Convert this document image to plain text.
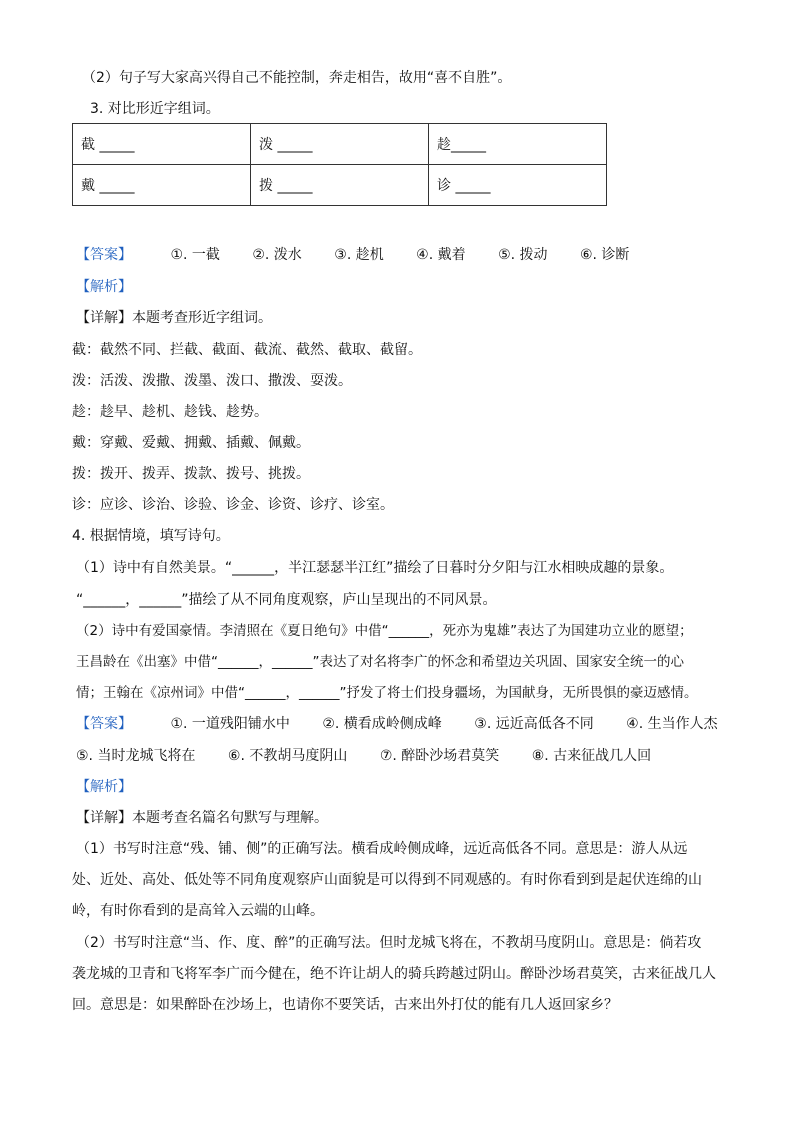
（2）句子写大家高兴得自己不能控制，奔走相告，故用“喜不自胜”。
3. 对比形近字组词。
截 _____	泼 _____	趁_____
戴 _____	拨 _____	诊 _____
【答案】	①. 一截 ②. 泼水 ③. 趁机 ④. 戴着 ⑤. 拨动 ⑥. 诊断
【解析】
【详解】本题考查形近字组词。
截：截然不同、拦截、截面、截流、截然、截取、截留。
泼：活泼、泼撒、泼墨、泼口、撒泼、耍泼。
趁：趁早、趁机、趁钱、趁势。
戴：穿戴、爱戴、拥戴、插戴、佩戴。
拨：拨开、拨弄、拨款、拨号、挑拨。
诊：应诊、诊治、诊验、诊金、诊资、诊疗、诊室。
4. 根据情境，填写诗句。
（1）诗中有自然美景。“______，半江瑟瑟半江红”描绘了日暮时分夕阳与江水相映成趣的景象。
“______，______”描绘了从不同角度观察，庐山呈现出的不同风景。
（2）诗中有爱国豪情。李清照在《夏日绝句》中借“______，死亦为鬼雄”表达了为国建功立业的愿望；
王昌龄在《出塞》中借“______，______”表达了对名将李广的怀念和希望边关巩固、国家安全统一的心
情；王翰在《凉州词》中借“______，______”抒发了将士们投身疆场，为国献身，无所畏惧的豪迈感情。
【答案】	①. 一道残阳铺水中 ②. 横看成岭侧成峰 ③. 远近高低各不同 ④. 生当作人杰
⑤. 当时龙城飞将在 ⑥. 不教胡马度阴山 ⑦. 醉卧沙场君莫笑 ⑧. 古来征战几人回
【解析】
【详解】本题考查名篇名句默写与理解。
（1）书写时注意“残、铺、侧”的正确写法。横看成岭侧成峰，远近高低各不同。意思是：游人从远
处、近处、高处、低处等不同角度观察庐山面貌是可以得到不同观感的。有时你看到到是起伏连绵的山
岭，有时你看到的是高耸入云端的山峰。
（2）书写时注意“当、作、度、醉”的正确写法。但时龙城飞将在，不教胡马度阴山。意思是：倘若攻
袭龙城的卫青和飞将军李广而今健在，绝不许让胡人的骑兵跨越过阴山。醉卧沙场君莫笑，古来征战几人
回。意思是：如果醉卧在沙场上，也请你不要笑话，古来出外打仗的能有几人返回家乡？
